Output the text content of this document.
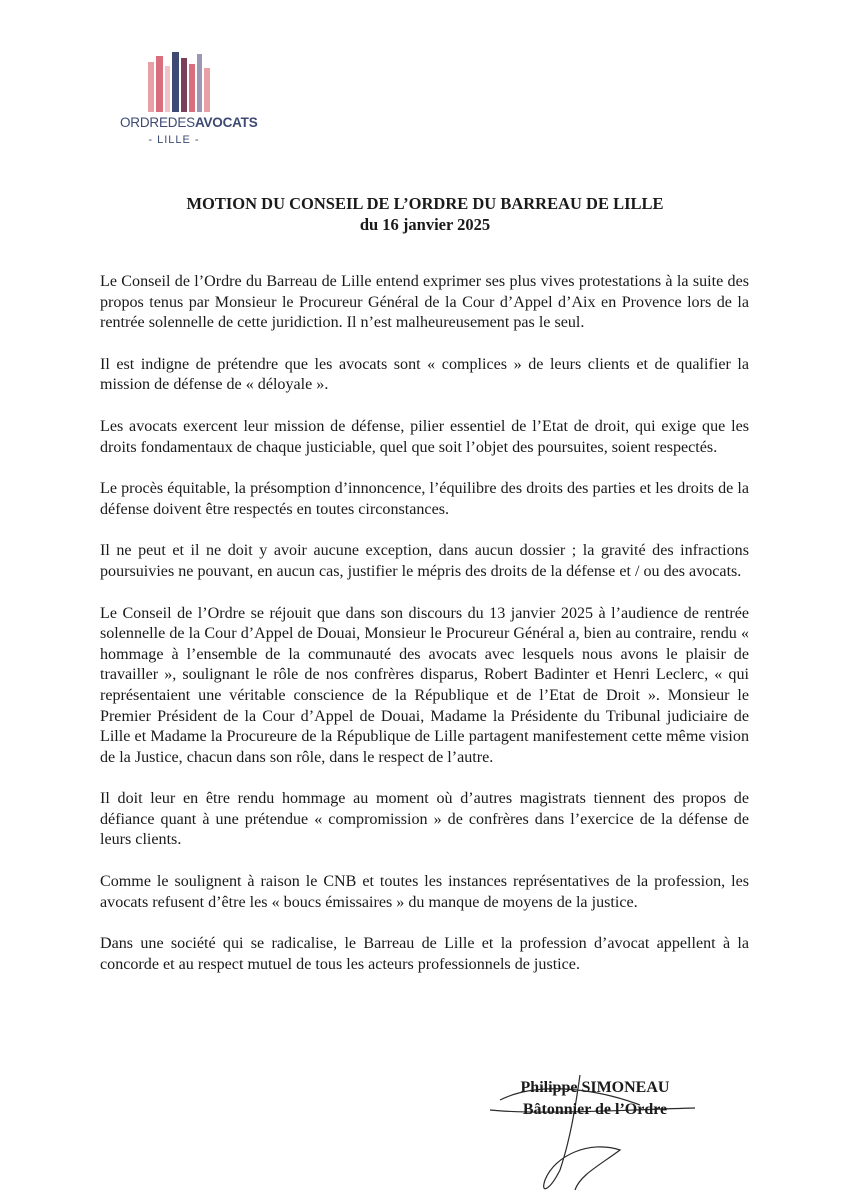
ORDREDESAVOCATS
- LILLE -
MOTION DU CONSEIL DE L’ORDRE DU BARREAU DE LILLE
du 16 janvier 2025

Le Conseil de l’Ordre du Barreau de Lille entend exprimer ses plus vives protestations à la suite des propos tenus par Monsieur le Procureur Général de la Cour d’Appel d’Aix en Provence lors de la rentrée solennelle de cette juridiction. Il n’est malheureusement pas le seul.

Il est indigne de prétendre que les avocats sont « complices » de leurs clients et de qualifier la mission de défense de « déloyale ».

Les avocats exercent leur mission de défense, pilier essentiel de l’Etat de droit, qui exige que les droits fondamentaux de chaque justiciable, quel que soit l’objet des poursuites, soient respectés.

Le procès équitable, la présomption d’innoncence, l’équilibre des droits des parties et les droits de la défense doivent être respectés en toutes circonstances.

Il ne peut et il ne doit y avoir aucune exception, dans aucun dossier ; la gravité des infractions poursuivies ne pouvant, en aucun cas, justifier le mépris des droits de la défense et / ou des avocats.

Le Conseil de l’Ordre se réjouit que dans son discours du 13 janvier 2025 à l’audience de rentrée solennelle de la Cour d’Appel de Douai, Monsieur le Procureur Général a, bien au contraire, rendu « hommage à l’ensemble de la communauté des avocats avec lesquels nous avons le plaisir de travailler », soulignant le rôle de nos confrères disparus, Robert Badinter et Henri Leclerc, « qui représentaient une véritable conscience de la République et de l’Etat de Droit ». Monsieur le Premier Président de la Cour d’Appel de Douai, Madame la Présidente du Tribunal judiciaire de Lille et Madame la Procureure de la République de Lille partagent manifestement cette même vision de la Justice, chacun dans son rôle, dans le respect de l’autre.

Il doit leur en être rendu hommage au moment où d’autres magistrats tiennent des propos de défiance quant à une prétendue « compromission » de confrères dans l’exercice de la défense de leurs clients.

Comme le soulignent à raison le CNB et toutes les instances représentatives de la profession, les avocats refusent d’être les « boucs émissaires » du manque de moyens de la justice.

Dans une société qui se radicalise, le Barreau de Lille et la profession d’avocat appellent à la concorde et au respect mutuel de tous les acteurs professionnels de justice.

Philippe SIMONEAU
Bâtonnier de l’Ordre
